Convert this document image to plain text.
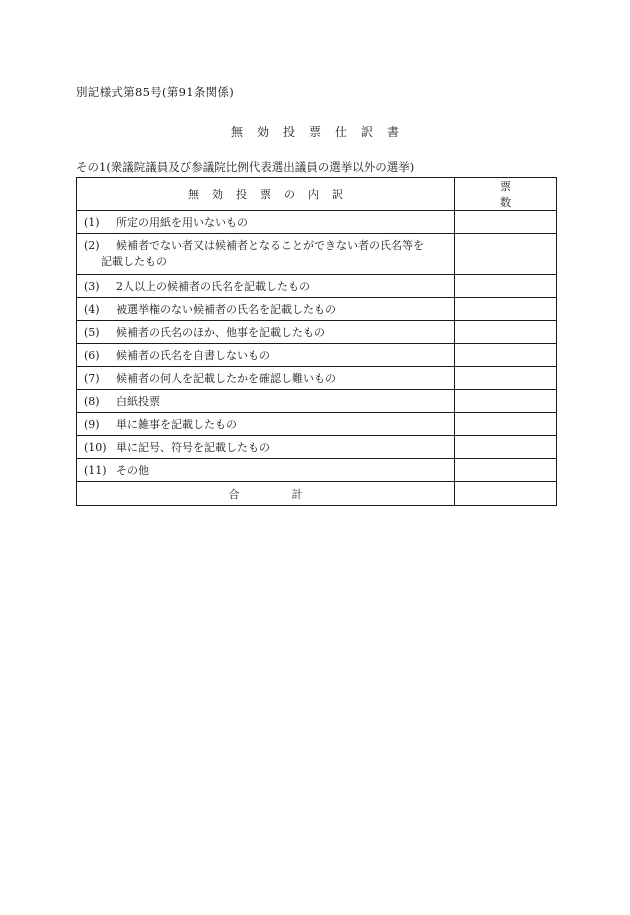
別記様式第85号(第91条関係)
無効投票仕訳書
その1(衆議院議員及び参議院比例代表選出議員の選挙以外の選挙)
無効投票の内訳	票数
(1) 所定の用紙を用いないもの	

(2) 候補者でない者又は候補者となることができない者の氏名等を
記載したもの	

(3) 2人以上の候補者の氏名を記載したもの	
(4) 被選挙権のない候補者の氏名を記載したもの	
(5) 候補者の氏名のほか、他事を記載したもの	
(6) 候補者の氏名を自書しないもの	
(7) 候補者の何人を記載したかを確認し難いもの	
(8) 白紙投票	
(9) 単に雑事を記載したもの	
(10) 単に記号、符号を記載したもの	
(11) その他	
合計	
